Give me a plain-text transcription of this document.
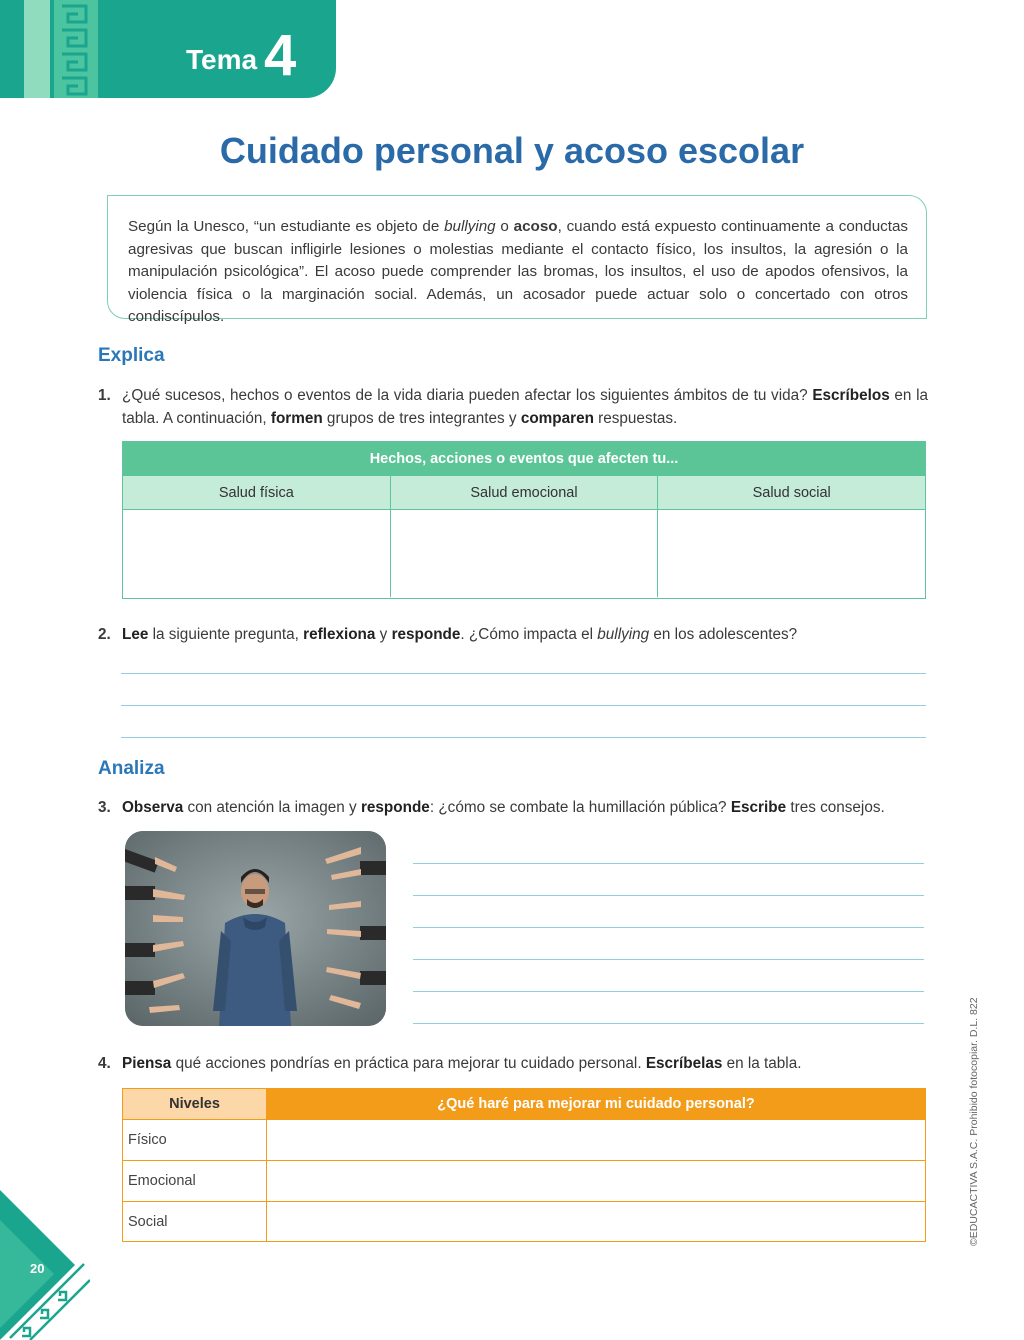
Tema 4
Cuidado personal y acoso escolar

Según la Unesco, “un estudiante es objeto de bullying o acoso, cuando está expuesto continuamente a conductas agresivas que buscan infligirle lesiones o molestias mediante el contacto físico, los insultos, la agresión o la manipulación psicológica”. El acoso puede comprender las bromas, los insultos, el uso de apodos ofensivos, la violencia física o la marginación social. Además, un acosador puede actuar solo o concertado con otros condiscípulos.

Explica
1. ¿Qué sucesos, hechos o eventos de la vida diaria pueden afectar los siguientes ámbitos de tu vida? Escríbelos en la tabla. A continuación, formen grupos de tres integrantes y comparen respuestas.
Hechos, acciones o eventos que afecten tu...
Salud física	Salud emocional	Salud social
2. Lee la siguiente pregunta, reflexiona y responde. ¿Cómo impacta el bullying en los adolescentes?
Analiza
3. Observa con atención la imagen y responde: ¿cómo se combate la humillación pública? Escribe tres consejos.
4. Piensa qué acciones pondrías en práctica para mejorar tu cuidado personal. Escríbelas en la tabla.
Niveles	¿Qué haré para mejorar mi cuidado personal?
Físico
Emocional
Social	©EDUCACTIVA S.A.C. Prohibido fotocopiar. D.L. 822
20
